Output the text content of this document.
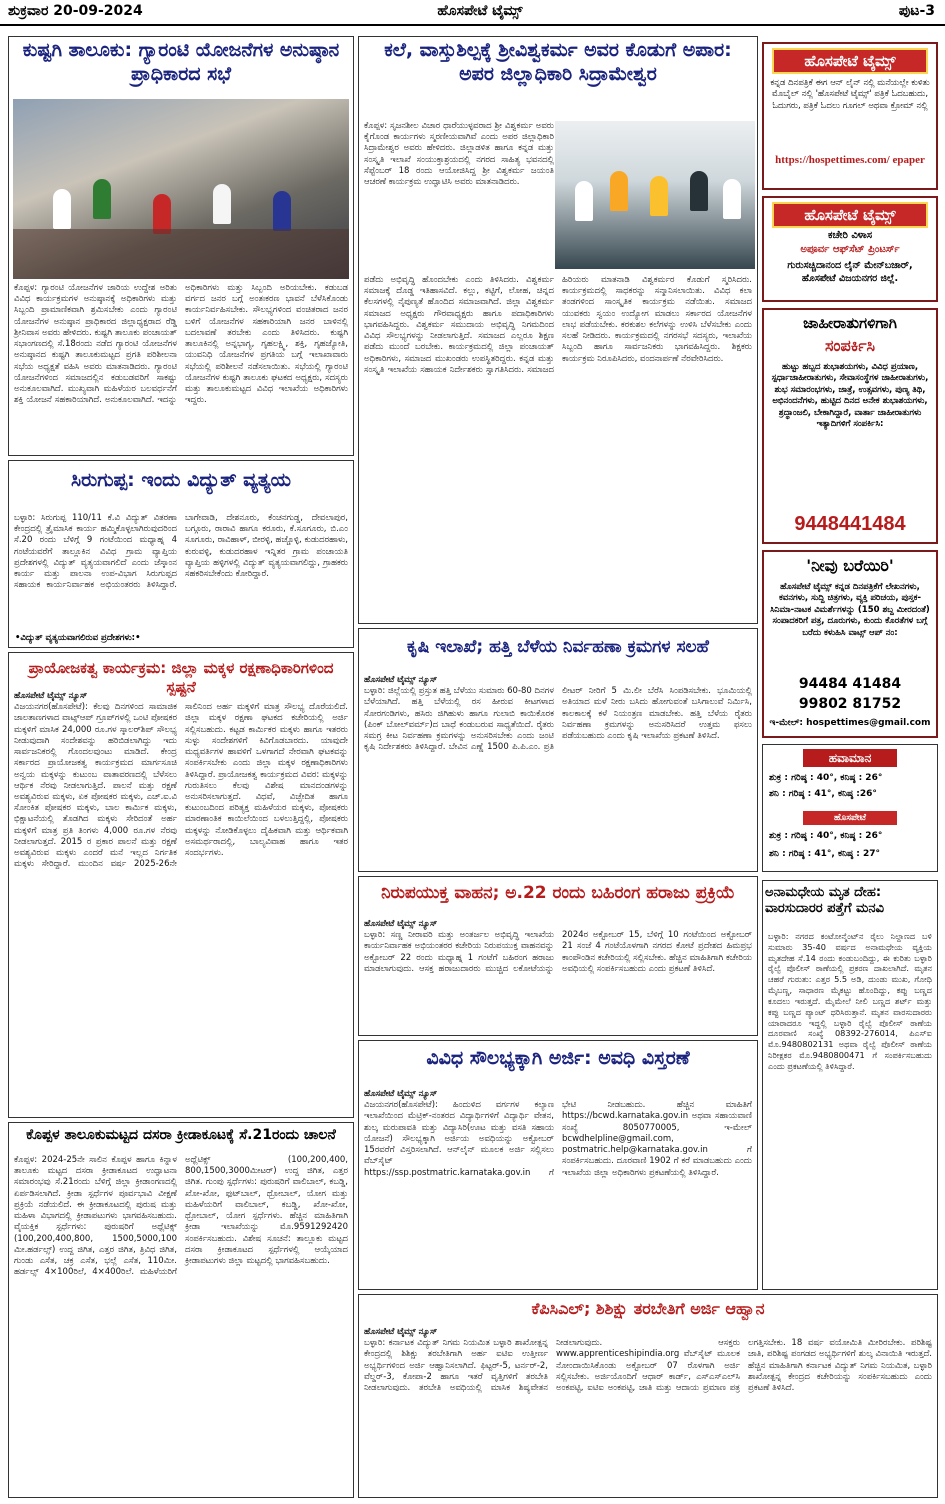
ಶುಕ್ರವಾರ 20-09-2024	ಹೊಸಪೇಟೆ ಟೈಮ್ಸ್	ಪುಟ-3
ಕುಷ್ಟಗಿ ತಾಲೂಕು: ಗ್ಯಾರಂಟಿ ಯೋಜನೆಗಳ ಅನುಷ್ಠಾನ ಪ್ರಾಧಿಕಾರದ ಸಭೆ
ಕೊಪ್ಪಳ: ಗ್ಯಾರಂಟಿ ಯೋಜನೆಗಳ ಜಾರಿಯ ಉದ್ದೇಶ ಅರಿತು ವಿವಿಧ ಕಾರ್ಯಕ್ರಮಗಳ ಅನುಷ್ಠಾನಕ್ಕೆ ಅಧಿಕಾರಿಗಳು ಮತ್ತು ಸಿಬ್ಬಂದಿ ಪ್ರಾಮಾಣಿಕವಾಗಿ ಶ್ರಮಿಸಬೇಕು ಎಂದು ಗ್ಯಾರಂಟಿ ಯೋಜನೆಗಳ ಅನುಷ್ಠಾನ ಪ್ರಾಧಿಕಾರದ ಜಿಲ್ಲಾಧ್ಯಕ್ಷರಾದ ರೆಡ್ಡಿ ಶ್ರೀನಿವಾಸ ಅವರು ಹೇಳಿದರು. ಕುಷ್ಟಗಿ ತಾಲೂಕು ಪಂಚಾಯತ್ ಸಭಾಂಗಣದಲ್ಲಿ ಸೆ.18ರಂದು ನಡೆದ ಗ್ಯಾರಂಟಿ ಯೋಜನೆಗಳ ಅನುಷ್ಠಾನದ ಕುಷ್ಟಗಿ ತಾಲೂಕುಮಟ್ಟದ ಪ್ರಗತಿ ಪರಿಶೀಲನಾ ಸಭೆಯ ಅಧ್ಯಕ್ಷತೆ ವಹಿಸಿ ಅವರು ಮಾತನಾಡಿದರು. ಗ್ಯಾರಂಟಿ ಯೋಜನೆಗಳಿಂದ ಸಮಾಜದಲ್ಲಿನ ಕಡುಬಡವರಿಗೆ ಸಾಕಷ್ಟು ಅನುಕೂಲವಾಗಿದೆ. ಮುಖ್ಯವಾಗಿ ಮಹಿಳೆಯರ ಬಲವರ್ಧನೆಗೆ ಶಕ್ತಿ ಯೋಜನೆ ಸಹಕಾರಿಯಾಗಿದೆ. ಅನುಕೂಲವಾಗಿದೆ. ಇದನ್ನು ಅಧಿಕಾರಿಗಳು ಮತ್ತು ಸಿಬ್ಬಂದಿ ಅರಿಯಬೇಕು. ಕಡುಬಡ ವರ್ಗದ ಜನರ ಬಗ್ಗೆ ಅಂತಃಕರಣ ಭಾವನೆ ಬೆಳೆಸಿಕೊಂಡು ಕಾರ್ಯನಿರ್ವಹಿಸಬೇಕು. ಸೌಲಭ್ಯಗಳಿಂದ ವಂಚಿತರಾದ ಜನರ ಬಳಿಗೆ ಯೋಜನೆಗಳ ಸಹಕಾರಿಯಾಗಿ ಜನರ ಬಾಳಿನಲ್ಲಿ ಬದಲಾವಣೆ ತರಬೇಕು ಎಂದು ತಿಳಿಸಿದರು. ಕುಷ್ಟಗಿ ತಾಲೂಕಿನಲ್ಲಿ ಅನ್ನಭಾಗ್ಯ, ಗೃಹಲಕ್ಷ್ಮಿ, ಶಕ್ತಿ, ಗೃಹಜ್ಯೋತಿ, ಯುವನಿಧಿ ಯೋಜನೆಗಳ ಪ್ರಗತಿಯ ಬಗ್ಗೆ ಇಲಾಖಾವಾರು ಸಭೆಯಲ್ಲಿ ಪರಿಶೀಲನೆ ನಡೆಸಲಾಯಿತು. ಸಭೆಯಲ್ಲಿ ಗ್ಯಾರಂಟಿ ಯೋಜನೆಗಳ ಕುಷ್ಟಗಿ ತಾಲೂಕು ಘಟಕದ ಅಧ್ಯಕ್ಷರು, ಸದಸ್ಯರು ಮತ್ತು ತಾಲೂಕುಮಟ್ಟದ ವಿವಿಧ ಇಲಾಖೆಯ ಅಧಿಕಾರಿಗಳು ಇದ್ದರು.
ಕಲೆ, ವಾಸ್ತುಶಿಲ್ಪಕ್ಕೆ ಶ್ರೀವಿಶ್ವಕರ್ಮ ಅವರ ಕೊಡುಗೆ ಅಪಾರ: ಅಪರ ಜಿಲ್ಲಾಧಿಕಾರಿ ಸಿದ್ರಾಮೇಶ್ವರ
ಕೊಪ್ಪಳ: ಸೃಜನಶೀಲ ವಿಚಾರ ಧಾರೆಯುಳ್ಳವರಾದ ಶ್ರೀ ವಿಶ್ವಕರ್ಮ ಅವರು ಕೈಗೊಂಡ ಕಾರ್ಯಗಳು ಸ್ಮರಣೀಯವಾಗಿವೆ ಎಂದು ಅಪರ ಜಿಲ್ಲಾಧಿಕಾರಿ ಸಿದ್ರಾಮೇಶ್ವರ ಅವರು ಹೇಳಿದರು. ಜಿಲ್ಲಾಡಳಿತ ಹಾಗೂ ಕನ್ನಡ ಮತ್ತು ಸಂಸ್ಕೃತಿ ಇಲಾಖೆ ಸಂಯುಕ್ತಾಶ್ರಯದಲ್ಲಿ ನಗರದ ಸಾಹಿತ್ಯ ಭವನದಲ್ಲಿ ಸೆಪ್ಟೆಂಬರ್ 18 ರಂದು ಆಯೋಜಿಸಿದ್ದ ಶ್ರೀ ವಿಶ್ವಕರ್ಮ ಜಯಂತಿ ಆಚರಣೆ ಕಾರ್ಯಕ್ರಮ ಉದ್ಘಾಟಿಸಿ ಅವರು ಮಾತನಾಡಿದರು.
ಪಡೆದು ಅಭಿವೃದ್ಧಿ ಹೊಂದಬೇಕು ಎಂದು ತಿಳಿಸಿದರು. ವಿಶ್ವಕರ್ಮ ಸಮಾಜಕ್ಕೆ ದೊಡ್ಡ ಇತಿಹಾಸವಿದೆ. ಕಲ್ಲು, ಕಟ್ಟಿಗೆ, ಲೋಹ, ಚಿನ್ನದ ಕೆಲಸಗಳಲ್ಲಿ ನೈಪುಣ್ಯತೆ ಹೊಂದಿದ ಸಮಾಜವಾಗಿದೆ. ಜಿಲ್ಲಾ ವಿಶ್ವಕರ್ಮ ಸಮಾಜದ ಅಧ್ಯಕ್ಷರು ಗೌರವಾಧ್ಯಕ್ಷರು ಹಾಗೂ ಪದಾಧಿಕಾರಿಗಳು ಭಾಗವಹಿಸಿದ್ದರು. ವಿಶ್ವಕರ್ಮ ಸಮುದಾಯ ಅಭಿವೃದ್ಧಿ ನಿಗಮದಿಂದ ವಿವಿಧ ಸೌಲಭ್ಯಗಳನ್ನು ನೀಡಲಾಗುತ್ತಿದೆ. ಸಮಾಜದ ಎಲ್ಲರೂ ಶಿಕ್ಷಣ ಪಡೆದು ಮುಂದೆ ಬರಬೇಕು. ಕಾರ್ಯಕ್ರಮದಲ್ಲಿ ಜಿಲ್ಲಾ ಪಂಚಾಯತ್ ಅಧಿಕಾರಿಗಳು, ಸಮಾಜದ ಮುಖಂಡರು ಉಪಸ್ಥಿತರಿದ್ದರು. ಕನ್ನಡ ಮತ್ತು ಸಂಸ್ಕೃತಿ ಇಲಾಖೆಯ ಸಹಾಯಕ ನಿರ್ದೇಶಕರು ಸ್ವಾಗತಿಸಿದರು. ಸಮಾಜದ ಹಿರಿಯರು ಮಾತನಾಡಿ ವಿಶ್ವಕರ್ಮರ ಕೊಡುಗೆ ಸ್ಮರಿಸಿದರು. ಕಾರ್ಯಕ್ರಮದಲ್ಲಿ ಸಾಧಕರನ್ನು ಸನ್ಮಾನಿಸಲಾಯಿತು. ವಿವಿಧ ಕಲಾ ತಂಡಗಳಿಂದ ಸಾಂಸ್ಕೃತಿಕ ಕಾರ್ಯಕ್ರಮ ನಡೆಯಿತು. ಸಮಾಜದ ಯುವಕರು ಸ್ವಯಂ ಉದ್ಯೋಗ ಮಾಡಲು ಸರ್ಕಾರದ ಯೋಜನೆಗಳ ಲಾಭ ಪಡೆಯಬೇಕು. ಕರಕುಶಲ ಕಲೆಗಳನ್ನು ಉಳಿಸಿ ಬೆಳೆಸಬೇಕು ಎಂದು ಸಲಹೆ ನೀಡಿದರು. ಕಾರ್ಯಕ್ರಮದಲ್ಲಿ ನಗರಸಭೆ ಸದಸ್ಯರು, ಇಲಾಖೆಯ ಸಿಬ್ಬಂದಿ ಹಾಗೂ ಸಾರ್ವಜನಿಕರು ಭಾಗವಹಿಸಿದ್ದರು. ಶಿಕ್ಷಕರು ಕಾರ್ಯಕ್ರಮ ನಿರೂಪಿಸಿದರು, ವಂದನಾರ್ಪಣೆ ನೆರವೇರಿಸಿದರು.
ಸಿರುಗುಪ್ಪ: ಇಂದು ವಿದ್ಯುತ್ ವ್ಯತ್ಯಯ
ಬಳ್ಳಾರಿ: ಸಿರುಗುಪ್ಪ 110/11 ಕೆ.ವಿ ವಿದ್ಯುತ್ ವಿತರಣಾ ಕೇಂದ್ರದಲ್ಲಿ ತ್ರೈಮಾಸಿಕ ಕಾರ್ಯ ಹಮ್ಮಿಕೊಳ್ಳಲಾಗಿರುವುದರಿಂದ ಸೆ.20 ರಂದು ಬೆಳಿಗ್ಗೆ 9 ಗಂಟೆಯಿಂದ ಮಧ್ಯಾಹ್ನ 4 ಗಂಟೆಯವರೆಗೆ ತಾಲ್ಲೂಕಿನ ವಿವಿಧ ಗ್ರಾಮ ವ್ಯಾಪ್ತಿಯ ಪ್ರದೇಶಗಳಲ್ಲಿ ವಿದ್ಯುತ್ ವ್ಯತ್ಯಯವಾಗಲಿದೆ ಎಂದು ಜೆಸ್ಕಾಂನ ಕಾರ್ಯ ಮತ್ತು ಪಾಲನಾ ಉಪ-ವಿಭಾಗ ಸಿರುಗುಪ್ಪದ ಸಹಾಯಕ ಕಾರ್ಯನಿರ್ವಾಹಕ ಅಭಿಯಂತರರು ತಿಳಿಸಿದ್ದಾರೆ. ಬಾಗೇವಾಡಿ, ದೇಶನೂರು, ಕೆಂಚನಗುಡ್ಡ, ದೇವಲಾಪುರ, ಬಗ್ಗೂರು, ರಾರಾವಿ ಹಾಗೂ ಕರೂರು, ಕೆ.ಸೂಗೂರು, ಬಿ.ಎಂ ಸೂಗೂರು, ರಾವಿಹಾಳ್, ಬೀರಳ್ಳಿ, ಹಚ್ಚೊಳ್ಳಿ, ಕುಡುದರಹಾಳು, ಕುರುವಳ್ಳಿ, ಕುಡುದರಹಾಳ ಇನ್ನಿತರ ಗ್ರಾಮ ಪಂಚಾಯತಿ ವ್ಯಾಪ್ತಿಯ ಹಳ್ಳಿಗಳಲ್ಲಿ ವಿದ್ಯುತ್ ವ್ಯತ್ಯಯವಾಗಲಿದ್ದು, ಗ್ರಾಹಕರು ಸಹಕರಿಸಬೇಕೆಂದು ಕೋರಿದ್ದಾರೆ.
•ವಿದ್ಯುತ್ ವ್ಯತ್ಯಯವಾಗಲಿರುವ ಪ್ರದೇಶಗಳು:•
ಪ್ರಾಯೋಜಕತ್ವ ಕಾರ್ಯಕ್ರಮ: ಜಿಲ್ಲಾ ಮಕ್ಕಳ ರಕ್ಷಣಾಧಿಕಾರಿಗಳಿಂದ ಸ್ಪಷ್ಟನೆ
ಹೊಸಪೇಟೆ ಟೈಮ್ಸ್ ನ್ಯೂಸ್
ವಿಜಯನಗರ(ಹೊಸಪೇಟೆ): ಕೆಲವು ದಿನಗಳಿಂದ ಸಾಮಾಜಿಕ ಜಾಲತಾಣಗಳಾದ ವಾಟ್ಸ್‌ಆಪ್ ಗ್ರೂಪ್‌ಗಳಲ್ಲಿ ಒಂಟಿ ಪೋಷಕರ ಮಕ್ಕಳಿಗೆ ಮಾಸಿಕ 24,000 ರೂ.ಗಳ ಸ್ಕಾಲರ್‌ಶಿಪ್ ಸೌಲಭ್ಯ ನೀಡುವುದಾಗಿ ಸಂದೇಶವನ್ನು ಹರಿಬಿಡಲಾಗಿದ್ದು ಇದು ಸಾರ್ವಜನಿಕರಲ್ಲಿ ಗೊಂದಲವುಂಟು ಮಾಡಿದೆ. ಕೇಂದ್ರ ಸರ್ಕಾರದ ಪ್ರಾಯೋಜಕತ್ವ ಕಾರ್ಯಕ್ರಮದ ಮಾರ್ಗಸೂಚಿ ಅನ್ವಯ ಮಕ್ಕಳನ್ನು ಕುಟುಂಬ ವಾತಾವರಣದಲ್ಲಿ ಬೆಳೆಸಲು ಆರ್ಥಿಕ ನೆರವು ನೀಡಲಾಗುತ್ತಿದೆ. ಪಾಲನೆ ಮತ್ತು ರಕ್ಷಣೆ ಅವಶ್ಯವಿರುವ ಮಕ್ಕಳು, ಏಕ ಪೋಷಕರ ಮಕ್ಕಳು, ಎಚ್.ಐ.ವಿ ಸೋಂಕಿತ ಪೋಷಕರ ಮಕ್ಕಳು, ಬಾಲ ಕಾರ್ಮಿಕ ಮಕ್ಕಳು, ಭಿಕ್ಷಾಟನೆಯಲ್ಲಿ ತೊಡಗಿದ ಮಕ್ಕಳು ಸೇರಿದಂತೆ ಅರ್ಹ ಮಕ್ಕಳಿಗೆ ಮಾತ್ರ ಪ್ರತಿ ತಿಂಗಳು 4,000 ರೂ.ಗಳ ನೆರವು ನೀಡಲಾಗುತ್ತದೆ. 2015 ರ ಪ್ರಕಾರ ಪಾಲನೆ ಮತ್ತು ರಕ್ಷಣೆ ಅವಶ್ಯವಿರುವ ಮಕ್ಕಳು ಎಂದರೆ ಮನೆ ಇಲ್ಲದ ನಿರ್ಗತಿಕ ಮಕ್ಕಳು ಸೇರಿದ್ದಾರೆ. ಮುಂದಿನ ವರ್ಷ 2025-26ನೇ ಸಾಲಿನಿಂದ ಅರ್ಹ ಮಕ್ಕಳಿಗೆ ಮಾತ್ರ ಸೌಲಭ್ಯ ದೊರೆಯಲಿದೆ. ಜಿಲ್ಲಾ ಮಕ್ಕಳ ರಕ್ಷಣಾ ಘಟಕದ ಕಚೇರಿಯಲ್ಲಿ ಅರ್ಜಿ ಸಲ್ಲಿಸಬಹುದು. ಕಟ್ಟಡ ಕಾರ್ಮಿಕರ ಮಕ್ಕಳು ಹಾಗೂ ಇತರರು ಸುಳ್ಳು ಸಂದೇಶಗಳಿಗೆ ಕಿವಿಗೊಡಬಾರದು. ಯಾವುದೇ ಮಧ್ಯವರ್ತಿಗಳ ಹಾವಳಿಗೆ ಒಳಗಾಗದೆ ನೇರವಾಗಿ ಘಟಕವನ್ನು ಸಂಪರ್ಕಿಸಬೇಕು ಎಂದು ಜಿಲ್ಲಾ ಮಕ್ಕಳ ರಕ್ಷಣಾಧಿಕಾರಿಗಳು ತಿಳಿಸಿದ್ದಾರೆ. ಪ್ರಾಯೋಜಕತ್ವ ಕಾರ್ಯಕ್ರಮದ ವಿವರ: ಮಕ್ಕಳನ್ನು ಗುರುತಿಸಲು ಕೆಲವು ವಿಶೇಷ ಮಾನದಂಡಗಳನ್ನು ಅನುಸರಿಸಲಾಗುತ್ತದೆ. ವಿಧವೆ, ವಿಚ್ಛೇದಿತ ಹಾಗೂ ಕುಟುಂಬದಿಂದ ಪರಿತ್ಯಕ್ತ ಮಹಿಳೆಯರ ಮಕ್ಕಳು, ಪೋಷಕರು ಮಾರಣಾಂತಿಕ ಕಾಯಿಲೆಯಿಂದ ಬಳಲುತ್ತಿದ್ದಲ್ಲಿ, ಪೋಷಕರು ಮಕ್ಕಳನ್ನು ನೋಡಿಕೊಳ್ಳಲು ದೈಹಿಕವಾಗಿ ಮತ್ತು ಆರ್ಥಿಕವಾಗಿ ಅಸಮರ್ಥರಾದಲ್ಲಿ, ಬಾಲ್ಯವಿವಾಹ ಹಾಗೂ ಇತರ ಸಂದರ್ಭಗಳು.
ಕೊಪ್ಪಳ ತಾಲೂಕುಮಟ್ಟದ ದಸರಾ ಕ್ರೀಡಾಕೂಟಕ್ಕೆ ಸೆ.21ರಂದು ಚಾಲನೆ
ಕೊಪ್ಪಳ: 2024-25ನೇ ಸಾಲಿನ ಕೊಪ್ಪಳ ಹಾಗೂ ಕಿನ್ನಾಳ ತಾಲೂಕು ಮಟ್ಟದ ದಸರಾ ಕ್ರೀಡಾಕೂಟದ ಉದ್ಘಾಟನಾ ಸಮಾರಂಭವು ಸೆ.21ರಂದು ಬೆಳಿಗ್ಗೆ ಜಿಲ್ಲಾ ಕ್ರೀಡಾಂಗಣದಲ್ಲಿ ಏರ್ಪಡಿಸಲಾಗಿದೆ. ಕ್ರೀಡಾ ಸ್ಪರ್ಧೆಗಳ ಪೂರ್ವಭಾವಿ ವೀಕ್ಷಣೆ ಪ್ರಕ್ರಿಯೆ ನಡೆಯಲಿದೆ. ಈ ಕ್ರೀಡಾಕೂಟದಲ್ಲಿ ಪುರುಷ ಮತ್ತು ಮಹಿಳಾ ವಿಭಾಗದಲ್ಲಿ ಕ್ರೀಡಾಪಟುಗಳು ಭಾಗವಹಿಸಬಹುದು. ವೈಯಕ್ತಿಕ ಸ್ಪರ್ಧೆಗಳು: ಪುರುಷರಿಗೆ ಅಥ್ಲೆಟಿಕ್ಸ್ (100,200,400,800, 1500,5000,100 ಮೀ.ಹರ್ಡಲ್ಸ್) ಉದ್ದ ಜಿಗಿತ, ಎತ್ತರ ಜಿಗಿತ, ತ್ರಿವಿಧ ಜಿಗಿತ, ಗುಂಡು ಎಸೆತ, ಚಕ್ರ ಎಸೆತ, ಭಲ್ಲೆ ಎಸೆತ, 110ಮೀ. ಹರ್ಡಲ್ಸ್ 4×100ರಿಲೆ, 4×400ರಿಲೆ. ಮಹಿಳೆಯರಿಗೆ ಅಥ್ಲೆಟಿಕ್ಸ್ (100,200,400, 800,1500,3000ಮೀಟರ್) ಉದ್ದ ಜಿಗಿತ, ಎತ್ತರ ಜಿಗಿತ. ಗುಂಪು ಸ್ಪರ್ಧೆಗಳು: ಪುರುಷರಿಗೆ ವಾಲಿಬಾಲ್, ಕಬಡ್ಡಿ, ಖೋ-ಖೋ, ಫುಟ್‌ಬಾಲ್, ಥ್ರೋಬಾಲ್, ಯೋಗ ಮತ್ತು ಮಹಿಳೆಯರಿಗೆ ವಾಲಿಬಾಲ್, ಕಬಡ್ಡಿ, ಖೋ-ಖೋ, ಥ್ರೋಬಾಲ್, ಯೋಗ ಸ್ಪರ್ಧೆಗಳು. ಹೆಚ್ಚಿನ ಮಾಹಿತಿಗಾಗಿ ಕ್ರೀಡಾ ಇಲಾಖೆಯನ್ನು ಮೊ.9591292420 ಸಂಪರ್ಕಿಸಬಹುದು. ವಿಶೇಷ ಸೂಚನೆ: ತಾಲ್ಲೂಕು ಮಟ್ಟದ ದಸರಾ ಕ್ರೀಡಾಕೂಟದ ಸ್ಪರ್ಧೆಗಳಲ್ಲಿ ಆಯ್ಕೆಯಾದ ಕ್ರೀಡಾಪಟುಗಳು ಜಿಲ್ಲಾ ಮಟ್ಟದಲ್ಲಿ ಭಾಗವಹಿಸಬಹುದು.
ಕೃಷಿ ಇಲಾಖೆ; ಹತ್ತಿ ಬೆಳೆಯ ನಿರ್ವಹಣಾ ಕ್ರಮಗಳ ಸಲಹೆ
ಹೊಸಪೇಟೆ ಟೈಮ್ಸ್ ನ್ಯೂಸ್
ಬಳ್ಳಾರಿ: ಜಿಲ್ಲೆಯಲ್ಲಿ ಪ್ರಸ್ತುತ ಹತ್ತಿ ಬೆಳೆಯು ಸುಮಾರು 60-80 ದಿನಗಳ ಬೆಳೆಯಾಗಿದೆ. ಹತ್ತಿ ಬೆಳೆಯಲ್ಲಿ ರಸ ಹೀರುವ ಕೀಟಗಳಾದ ಸೋರಗಂಡಿಗಳು, ಹಸಿರು ಜಿಗಿಹುಳು ಹಾಗೂ ಗುಲಾಬಿ ಕಾಯಿಕೊರಕ (ಪಿಂಕ್ ಬೋಲ್‌ವರ್ಮ್)ದ ಬಾಧೆ ಕಂಡುಬರುವ ಸಾಧ್ಯತೆಯಿದೆ. ರೈತರು ಸಮಗ್ರ ಕೀಟ ನಿರ್ವಹಣಾ ಕ್ರಮಗಳನ್ನು ಅನುಸರಿಸಬೇಕು ಎಂದು ಜಂಟಿ ಕೃಷಿ ನಿರ್ದೇಶಕರು ತಿಳಿಸಿದ್ದಾರೆ. ಬೇವಿನ ಎಣ್ಣೆ 1500 ಪಿ.ಪಿ.ಎಂ. ಪ್ರತಿ ಲೀಟರ್ ನೀರಿಗೆ 5 ಮಿ.ಲೀ ಬೆರೆಸಿ ಸಿಂಪಡಿಸಬೇಕು. ಭೂಮಿಯಲ್ಲಿ ಅತಿಯಾದ ಮಳೆ ನೀರು ಬಸಿದು ಹೋಗುವಂತೆ ಬಸಿಗಾಲುವೆ ನಿರ್ಮಿಸಿ, ಕಾಲಕಾಲಕ್ಕೆ ಕಳೆ ನಿಯಂತ್ರಣ ಮಾಡಬೇಕು. ಹತ್ತಿ ಬೆಳೆಯ ರೈತರು ನಿರ್ವಹಣಾ ಕ್ರಮಗಳನ್ನು ಅನುಸರಿಸಿದರೆ ಉತ್ತಮ ಫಸಲು ಪಡೆಯಬಹುದು ಎಂದು ಕೃಷಿ ಇಲಾಖೆಯ ಪ್ರಕಟಣೆ ತಿಳಿಸಿದೆ.
ನಿರುಪಯುಕ್ತ ವಾಹನ; ಅ.22 ರಂದು ಬಹಿರಂಗ ಹರಾಜು ಪ್ರಕ್ರಿಯೆ
ಹೊಸಪೇಟೆ ಟೈಮ್ಸ್ ನ್ಯೂಸ್
ಬಳ್ಳಾರಿ: ಸಣ್ಣ ನೀರಾವರಿ ಮತ್ತು ಅಂತರ್ಜಲ ಅಭಿವೃದ್ಧಿ ಇಲಾಖೆಯ ಕಾರ್ಯನಿರ್ವಾಹಕ ಅಭಿಯಂತರರ ಕಚೇರಿಯ ನಿರುಪಯುಕ್ತ ವಾಹನವನ್ನು ಅಕ್ಟೋಬರ್ 22 ರಂದು ಮಧ್ಯಾಹ್ನ 1 ಗಂಟೆಗೆ ಬಹಿರಂಗ ಹರಾಜು ಮಾಡಲಾಗುವುದು. ಆಸಕ್ತ ಹರಾಜುದಾರರು ಮುಚ್ಚಿದ ಲಕೋಟೆಯನ್ನು 2024ರ ಅಕ್ಟೋಬರ್ 15, ಬೆಳಿಗ್ಗೆ 10 ಗಂಟೆಯಿಂದ ಅಕ್ಟೋಬರ್ 21 ಸಂಜೆ 4 ಗಂಟೆಯೊಳಗಾಗಿ ನಗರದ ಕೋಟೆ ಪ್ರದೇಶದ ಹಿಮಪ್ರಭ ಕಾಂಪೌಂಡಿನ ಕಚೇರಿಯಲ್ಲಿ ಸಲ್ಲಿಸಬೇಕು. ಹೆಚ್ಚಿನ ಮಾಹಿತಿಗಾಗಿ ಕಚೇರಿಯ ಅವಧಿಯಲ್ಲಿ ಸಂಪರ್ಕಿಸಬಹುದು ಎಂದು ಪ್ರಕಟಣೆ ತಿಳಿಸಿದೆ.
ವಿವಿಧ ಸೌಲಭ್ಯಕ್ಕಾಗಿ ಅರ್ಜಿ: ಅವಧಿ ವಿಸ್ತರಣೆ
ಹೊಸಪೇಟೆ ಟೈಮ್ಸ್ ನ್ಯೂಸ್
ವಿಜಯನಗರ(ಹೊಸಪೇಟೆ): ಹಿಂದುಳಿದ ವರ್ಗಗಳ ಕಲ್ಯಾಣ ಇಲಾಖೆಯಿಂದ ಮೆಟ್ರಿಕ್-ನಂತರದ ವಿದ್ಯಾರ್ಥಿಗಳಿಗೆ ವಿದ್ಯಾರ್ಥಿ ವೇತನ, ಶುಲ್ಕ ಮರುಪಾವತಿ ಮತ್ತು ವಿದ್ಯಾಸಿರಿ(ಊಟ ಮತ್ತು ವಸತಿ ಸಹಾಯ ಯೋಜನೆ) ಸೌಲಭ್ಯಕ್ಕಾಗಿ ಅರ್ಜಿಯ ಅವಧಿಯನ್ನು ಅಕ್ಟೋಬರ್ 15ರವರೆಗೆ ವಿಸ್ತರಿಸಲಾಗಿದೆ. ಆನ್‌ಲೈನ್ ಮೂಲಕ ಅರ್ಜಿ ಸಲ್ಲಿಸಲು ವೆಬ್‌ಸೈಟ್ https://ssp.postmatric.karnataka.gov.in ಗೆ ಭೇಟಿ ನೀಡಬಹುದು. ಹೆಚ್ಚಿನ ಮಾಹಿತಿಗೆ https://bcwd.karnataka.gov.in ಅಥವಾ ಸಹಾಯವಾಣಿ ಸಂಖ್ಯೆ 8050770005, ಇ-ಮೇಲ್ bcwdhelpline@gmail.com, postmatric.help@karnataka.gov.in ಗೆ ಸಂಪರ್ಕಿಸಬಹುದು. ದೂರವಾಣಿ 1902 ಗೆ ಕರೆ ಮಾಡಬಹುದು ಎಂದು ಇಲಾಖೆಯ ಜಿಲ್ಲಾ ಅಧಿಕಾರಿಗಳು ಪ್ರಕಟಣೆಯಲ್ಲಿ ತಿಳಿಸಿದ್ದಾರೆ.
ಕೆಪಿಸಿಎಲ್; ಶಿಶಿಕ್ಷು ತರಬೇತಿಗೆ ಅರ್ಜಿ ಆಹ್ವಾನ
ಹೊಸಪೇಟೆ ಟೈಮ್ಸ್ ನ್ಯೂಸ್
ಬಳ್ಳಾರಿ: ಕರ್ನಾಟಕ ವಿದ್ಯುತ್ ನಿಗಮ ನಿಯಮಿತ ಬಳ್ಳಾರಿ ಶಾಖೋತ್ಪನ್ನ ಕೇಂದ್ರದಲ್ಲಿ ಶಿಶಿಕ್ಷು ತರಬೇತಿಗಾಗಿ ಅರ್ಹ ಐಟಿಐ ಉತ್ತೀರ್ಣ ಅಭ್ಯರ್ಥಿಗಳಿಂದ ಅರ್ಜಿ ಆಹ್ವಾನಿಸಲಾಗಿದೆ. ಫಿಟ್ಟರ್-5, ಟರ್ನರ್-2, ವೆಲ್ಡರ್-3, ಕೋಪಾ-2 ಹಾಗೂ ಇತರೆ ವೃತ್ತಿಗಳಿಗೆ ತರಬೇತಿ ನೀಡಲಾಗುವುದು. ತರಬೇತಿ ಅವಧಿಯಲ್ಲಿ ಮಾಸಿಕ ಶಿಷ್ಯವೇತನ ನೀಡಲಾಗುವುದು. ಆಸಕ್ತರು www.apprenticeshipindia.org ವೆಬ್‌ಸೈಟ್ ಮೂಲಕ ನೋಂದಾಯಿಸಿಕೊಂಡು ಅಕ್ಟೋಬರ್ 07 ರೊಳಗಾಗಿ ಅರ್ಜಿ ಸಲ್ಲಿಸಬೇಕು. ಅರ್ಜಿಯೊಂದಿಗೆ ಆಧಾರ್ ಕಾರ್ಡ್, ಎಸ್‌ಎಸ್‌ಎಲ್‌ಸಿ ಅಂಕಪಟ್ಟಿ, ಐಟಿಐ ಅಂಕಪಟ್ಟಿ, ಜಾತಿ ಮತ್ತು ಆದಾಯ ಪ್ರಮಾಣ ಪತ್ರ ಲಗತ್ತಿಸಬೇಕು. 18 ವರ್ಷ ವಯೋಮಿತಿ ಮೀರಿರಬೇಕು. ಪರಿಶಿಷ್ಟ ಜಾತಿ, ಪರಿಶಿಷ್ಟ ಪಂಗಡದ ಅಭ್ಯರ್ಥಿಗಳಿಗೆ ಶುಲ್ಕ ವಿನಾಯಿತಿ ಇರುತ್ತದೆ. ಹೆಚ್ಚಿನ ಮಾಹಿತಿಗಾಗಿ ಕರ್ನಾಟಕ ವಿದ್ಯುತ್ ನಿಗಮ ನಿಯಮಿತ, ಬಳ್ಳಾರಿ ಶಾಖೋತ್ಪನ್ನ ಕೇಂದ್ರದ ಕಚೇರಿಯನ್ನು ಸಂಪರ್ಕಿಸಬಹುದು ಎಂದು ಪ್ರಕಟಣೆ ತಿಳಿಸಿದೆ.
ಅನಾಮಧೇಯ ಮೃತ ದೇಹ: ವಾರಸುದಾರರ ಪತ್ತೆಗೆ ಮನವಿ
ಬಳ್ಳಾರಿ: ನಗರದ ಕಂಟೋನ್ಮೆಂಟ್‌ನ ರೈಲು ನಿಲ್ದಾಣದ ಬಳಿ ಸುಮಾರು 35-40 ವರ್ಷದ ಅನಾಮಧೇಯ ವ್ಯಕ್ತಿಯ ಮೃತದೇಹ ಸೆ.14 ರಂದು ಕಂಡುಬಂದಿದ್ದು, ಈ ಕುರಿತು ಬಳ್ಳಾರಿ ರೈಲ್ವೆ ಪೊಲೀಸ್ ಠಾಣೆಯಲ್ಲಿ ಪ್ರಕರಣ ದಾಖಲಾಗಿದೆ. ಮೃತನ ಚಹರೆ ಗುರುತು: ಎತ್ತರ 5.5 ಅಡಿ, ದುಂಡು ಮುಖ, ಗೋಧಿ ಮೈಬಣ್ಣ, ಸಾಧಾರಣ ಮೈಕಟ್ಟು ಹೊಂದಿದ್ದು, ಕಪ್ಪು ಬಣ್ಣದ ಕೂದಲು ಇರುತ್ತದೆ. ಮೈಮೇಲೆ ನೀಲಿ ಬಣ್ಣದ ಶರ್ಟ್ ಮತ್ತು ಕಪ್ಪು ಬಣ್ಣದ ಪ್ಯಾಂಟ್ ಧರಿಸಿರುತ್ತಾನೆ. ಮೃತನ ವಾರಸುದಾರರು ಯಾರಾದರೂ ಇದ್ದಲ್ಲಿ ಬಳ್ಳಾರಿ ರೈಲ್ವೆ ಪೊಲೀಸ್ ಠಾಣೆಯ ದೂರವಾಣಿ ಸಂಖ್ಯೆ 08392-276014, ಪಿಎಸ್‌ಐ ಮೊ.9480802131 ಅಥವಾ ರೈಲ್ವೆ ಪೊಲೀಸ್ ಠಾಣೆಯ ನಿರೀಕ್ಷಕರ ಮೊ.9480800471 ಗೆ ಸಂಪರ್ಕಿಸಬಹುದು ಎಂದು ಪ್ರಕಟಣೆಯಲ್ಲಿ ತಿಳಿಸಿದ್ದಾರೆ.
ಹೊಸಪೇಟೆ ಟೈಮ್ಸ್
ಕನ್ನಡ ದಿನಪತ್ರಿಕೆ ಈಗ ಆನ್ ಲೈನ್ ನಲ್ಲಿ ಮನೆಯಲ್ಲೇ ಕುಳಿತು ಮೊಬೈಲ್ ನಲ್ಲಿ 'ಹೊಸಪೇಟೆ ಟೈಮ್ಸ್' ಪತ್ರಿಕೆ ಓದಬಹುದು, ಓದುಗರು, ಪತ್ರಿಕೆ ಓದಲು ಗೂಗಲ್ ಅಥವಾ ಕ್ರೋಮ್ ನಲ್ಲಿ
https://hospettimes.com/ epaper
ಹೊಸಪೇಟೆ ಟೈಮ್ಸ್
ಕಚೇರಿ ವಿಳಾಸ
ಅಪೂರ್ವ ಆಫ್‌ಸೆಟ್ ಪ್ರಿಂಟರ್ಸ್
ಗುರುಸಚ್ಚಿದಾನಂದ ಲೈನ್ ಮೇನ್‌ಬಜಾರ್, ಹೊಸಪೇಟೆ ವಿಜಯನಗರ ಜಿಲ್ಲೆ.
ಜಾಹೀರಾತುಗಳಿಗಾಗಿ
ಸಂಪರ್ಕಿಸಿ
ಹುಟ್ಟು ಹಬ್ಬದ ಶುಭಾಶಯಗಳು, ವಿವಿಧ ಪ್ರಯಾಣ, ಸ್ಪರ್ಧಾಜಾಹೀರಾತುಗಳು, ಸೇವಾಸಂಸ್ಥೆಗಳ ಜಾಹೀರಾತುಗಳು, ಶುಭ ಸಮಾರಂಭಗಳು, ಜಾತ್ರೆ, ಉತ್ಸವಗಳು, ಪುಣ್ಯ ತಿಥಿ, ಅಭಿನಂದನೆಗಳು, ಹುಟ್ಟಿದ ದಿನದ ಅನೇಕ ಶುಭಾಶಯಗಳು, ಶ್ರದ್ಧಾಂಜಲಿ, ಬೇಕಾಗಿದ್ದಾರೆ, ವಾರ್ತಾ ಜಾಹೀರಾತುಗಳು ಇತ್ಯಾದಿಗಳಿಗೆ ಸಂಪರ್ಕಿಸಿ:
9448441484
'ನೀವು ಬರೆಯಿರಿ'
ಹೊಸಪೇಟೆ ಟೈಮ್ಸ್ ಕನ್ನಡ ದಿನಪತ್ರಿಕೆಗೆ ಲೇಖನಗಳು, ಕವನಗಳು, ಸುದ್ದಿ ಚಿತ್ರಗಳು, ವ್ಯಕ್ತಿ ಪರಿಚಯ, ಪುಸ್ತಕ-ಸಿನಿಮಾ-ನಾಟಕ ವಿಮರ್ಶೆಗಳನ್ನು (150 ಶಬ್ದ ಮೀರದಂತೆ) ಸಂಪಾದಕರಿಗೆ ಪತ್ರ, ದೂರುಗಳು, ಕುಂದು ಕೊರತೆಗಳ ಬಗ್ಗೆ ಬರೆದು ಕಳುಹಿಸಿ ವಾಟ್ಸ್ ಆಪ್ ನಂ:
94484 41484
99802 81752
ಇ-ಮೇಲ್: hospettimes@gmail.com
ಹವಾಮಾನ
ಶುಕ್ರ : ಗರಿಷ್ಠ : 40°, ಕನಿಷ್ಠ : 26°
ಶನಿ : ಗರಿಷ್ಠ : 41°, ಕನಿಷ್ಠ :26°
ಹೊಸಪೇಟೆ
ಶುಕ್ರ : ಗರಿಷ್ಠ : 40°, ಕನಿಷ್ಠ : 26°
ಶನಿ : ಗರಿಷ್ಠ : 41°, ಕನಿಷ್ಠ : 27°
